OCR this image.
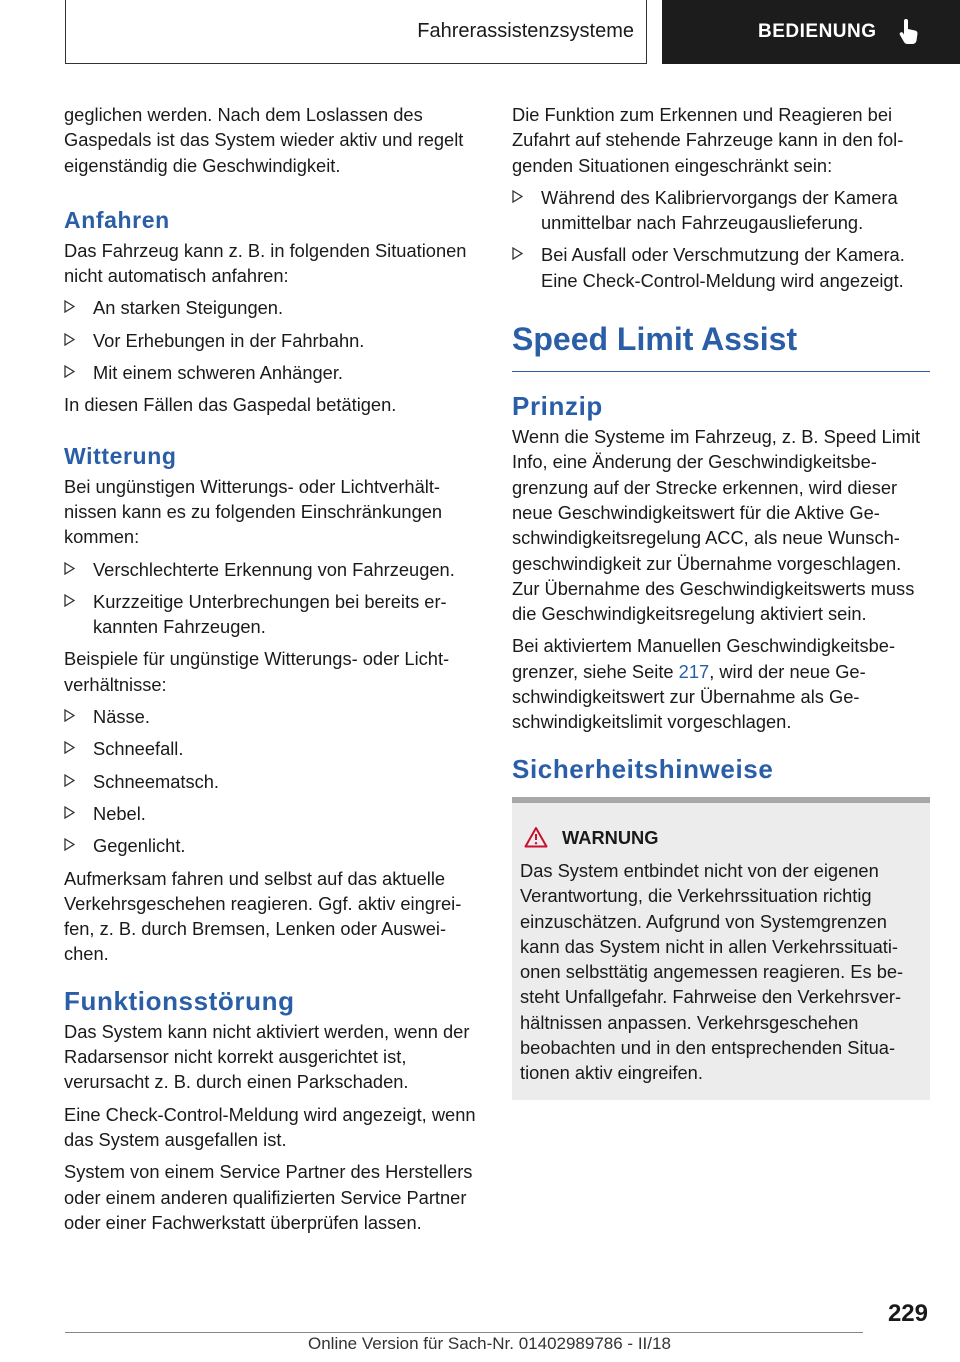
Fahrerassistenzsysteme	BEDIENUNG

geglichen werden. Nach dem Loslassen des Gaspedals ist das System wieder aktiv und regelt eigenständig die Geschwindigkeit.

Anfahren

Das Fahrzeug kann z. B. in folgenden Situationen nicht automatisch anfahren:

An starken Steigungen.
Vor Erhebungen in der Fahrbahn.
Mit einem schweren Anhänger.

In diesen Fällen das Gaspedal betätigen.

Witterung

Bei ungünstigen Witterungs- oder Lichtverhältnissen kann es zu folgenden Einschränkungen kommen:

Verschlechterte Erkennung von Fahrzeugen.
Kurzzeitige Unterbrechungen bei bereits erkannten Fahrzeugen.

Beispiele für ungünstige Witterungs- oder Lichtverhältnisse:

Nässe.
Schneefall.
Schneematsch.
Nebel.
Gegenlicht.

Aufmerksam fahren und selbst auf das aktuelle Verkehrsgeschehen reagieren. Ggf. aktiv eingreifen, z. B. durch Bremsen, Lenken oder Ausweichen.

Funktionsstörung

Das System kann nicht aktiviert werden, wenn der Radarsensor nicht korrekt ausgerichtet ist, verursacht z. B. durch einen Parkschaden.

Eine Check-Control-Meldung wird angezeigt, wenn das System ausgefallen ist.

System von einem Service Partner des Herstellers oder einem anderen qualifizierten Service Partner oder einer Fachwerkstatt überprüfen lassen.

Die Funktion zum Erkennen und Reagieren bei Zufahrt auf stehende Fahrzeuge kann in den folgenden Situationen eingeschränkt sein:

Während des Kalibriervorgangs der Kamera unmittelbar nach Fahrzeugauslieferung.
Bei Ausfall oder Verschmutzung der Kamera. Eine Check-Control-Meldung wird angezeigt.
Speed Limit Assist
Prinzip

Wenn die Systeme im Fahrzeug, z. B. Speed Limit Info, eine Änderung der Geschwindigkeitsbegrenzung auf der Strecke erkennen, wird dieser neue Geschwindigkeitswert für die Aktive Geschwindigkeitsregelung ACC, als neue Wunschgeschwindigkeit zur Übernahme vorgeschlagen. Zur Übernahme des Geschwindigkeitswerts muss die Geschwindigkeitsregelung aktiviert sein.

Bei aktiviertem Manuellen Geschwindigkeitsbegrenzer, siehe Seite 217, wird der neue Geschwindigkeitswert zur Übernahme als Geschwindigkeitslimit vorgeschlagen.

Sicherheitshinweise
WARNUNG

Das System entbindet nicht von der eigenen Verantwortung, die Verkehrssituation richtig einzuschätzen. Aufgrund von Systemgrenzen kann das System nicht in allen Verkehrssituationen selbsttätig angemessen reagieren. Es besteht Unfallgefahr. Fahrweise den Verkehrsverhältnissen anpassen. Verkehrsgeschehen beobachten und in den entsprechenden Situationen aktiv eingreifen.

229
Online Version für Sach-Nr. 01402989786 - II/18
